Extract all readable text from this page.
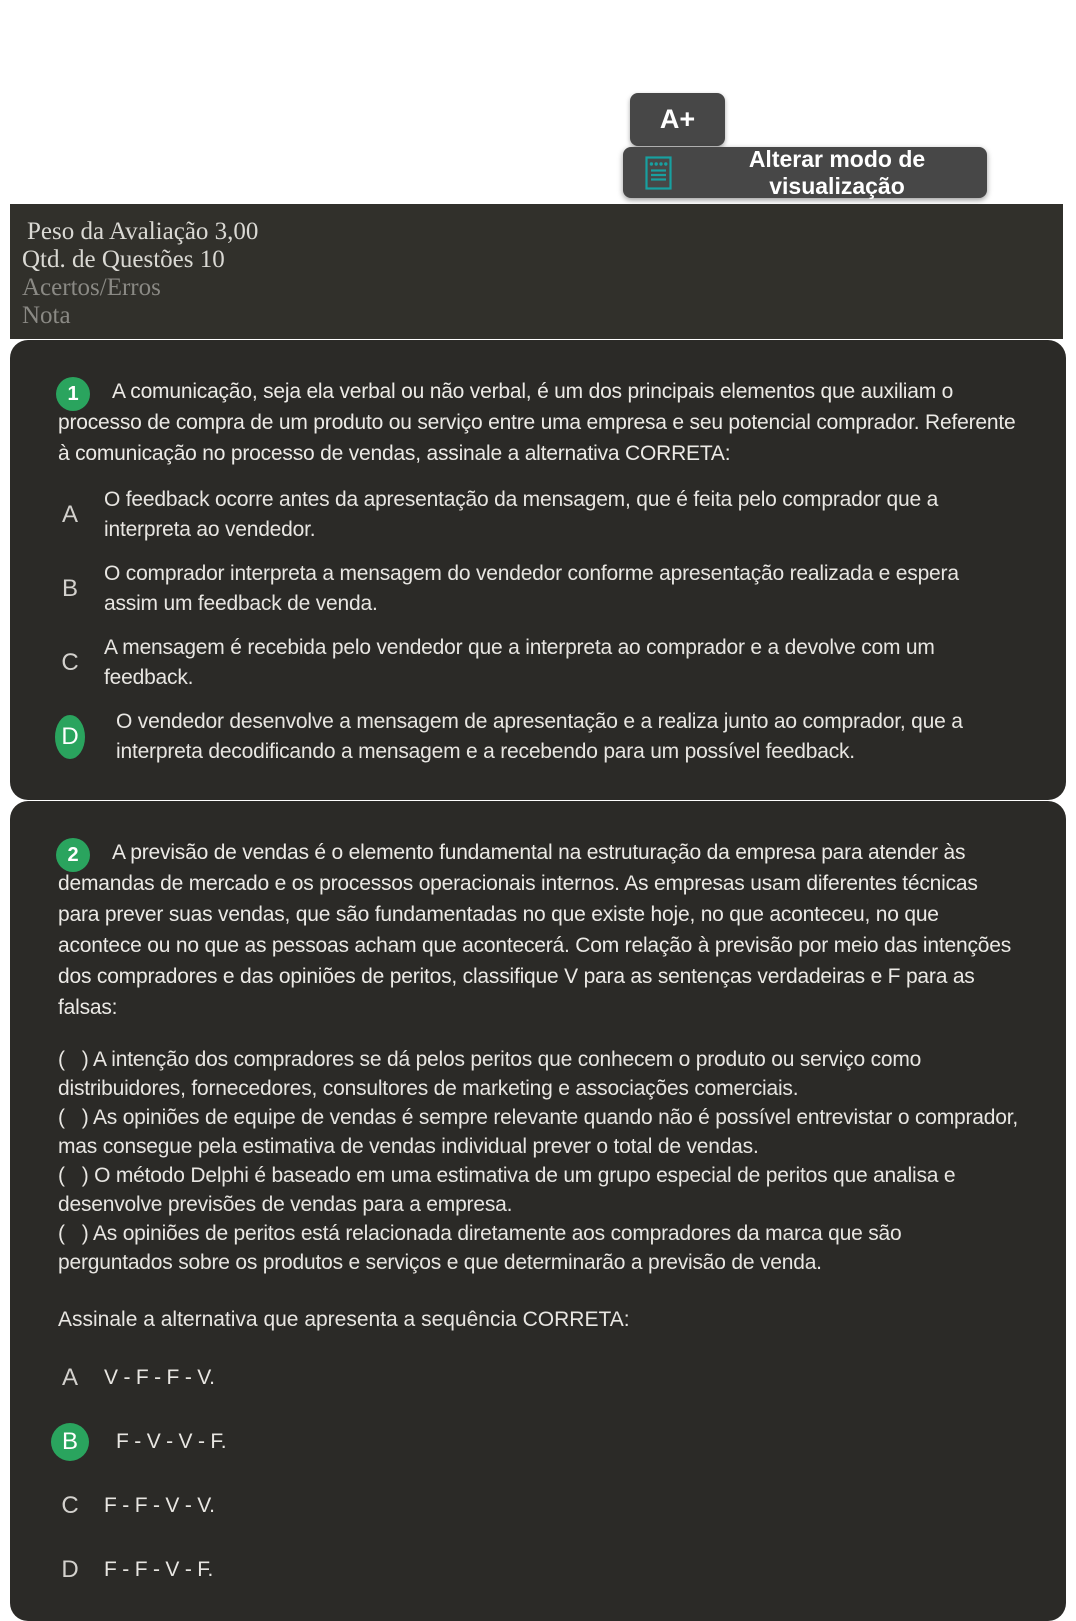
A+
Alterar modo de visualização
Peso da Avaliação 3,00
Qtd. de Questões 10
Acertos/Erros
Nota

1	A comunicação, seja ela verbal ou não verbal, é um dos principais elementos que auxiliam o processo de compra de um produto ou serviço entre uma empresa e seu potencial comprador. Referente à comunicação no processo de vendas, assinale a alternativa CORRETA:

A
O feedback ocorre antes da apresentação da mensagem, que é feita pelo comprador que a interpreta ao vendedor.
B
O comprador interpreta a mensagem do vendedor conforme apresentação realizada e espera assim um feedback de venda.
C
A mensagem é recebida pelo vendedor que a interpreta ao comprador e a devolve com um feedback.
D
O vendedor desenvolve a mensagem de apresentação e a realiza junto ao comprador, que a interpreta decodificando a mensagem e a recebendo para um possível feedback.

2	A previsão de vendas é o elemento fundamental na estruturação da empresa para atender às demandas de mercado e os processos operacionais internos. As empresas usam diferentes técnicas para prever suas vendas, que são fundamentadas no que existe hoje, no que aconteceu, no que acontece ou no que as pessoas acham que acontecerá. Com relação à previsão por meio das intenções dos compradores e das opiniões de peritos, classifique V para as sentenças verdadeiras e F para as falsas:

(   ) A intenção dos compradores se dá pelos peritos que conhecem o produto ou serviço como distribuidores, fornecedores, consultores de marketing e associações comerciais.

(   ) As opiniões de equipe de vendas é sempre relevante quando não é possível entrevistar o comprador, mas consegue pela estimativa de vendas individual prever o total de vendas.

(   ) O método Delphi é baseado em uma estimativa de um grupo especial de peritos que analisa e desenvolve previsões de vendas para a empresa.

(   ) As opiniões de peritos está relacionada diretamente aos compradores da marca que são perguntados sobre os produtos e serviços e que determinarão a previsão de venda.

Assinale a alternativa que apresenta a sequência CORRETA:

A	V - F - F - V.
B	F - V - V - F.
C	F - F - V - V.
D	F - F - V - F.
